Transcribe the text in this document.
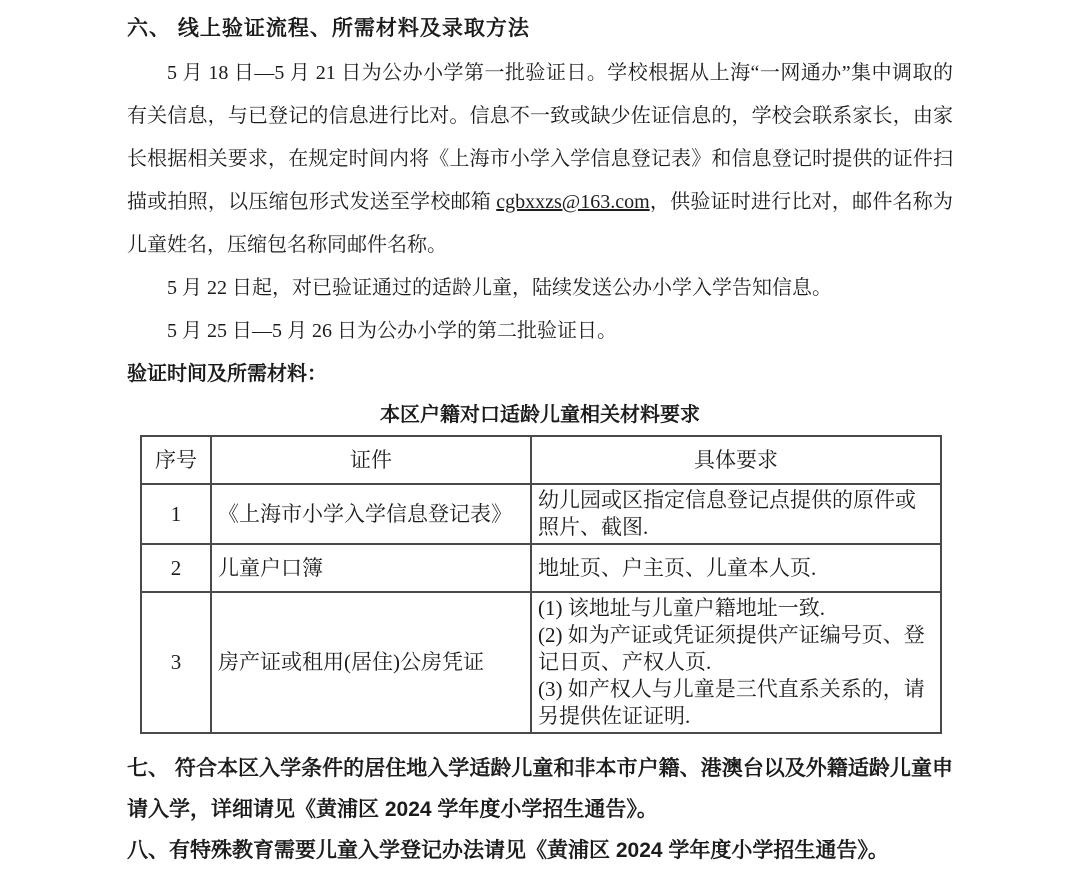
六、 线上验证流程、所需材料及录取方法

5 月 18 日—5 月 21 日为公办小学第一批验证日。学校根据从上海“一网通办”集中调取的有关信息，与已登记的信息进行比对。信息不一致或缺少佐证信息的，学校会联系家长，由家长根据相关要求，在规定时间内将《上海市小学入学信息登记表》和信息登记时提供的证件扫描或拍照，以压缩包形式发送至学校邮箱 cgbxxzs@163.com，供验证时进行比对，邮件名称为儿童姓名，压缩包名称同邮件名称。

5 月 22 日起，对已验证通过的适龄儿童，陆续发送公办小学入学告知信息。

5 月 25 日—5 月 26 日为公办小学的第二批验证日。

验证时间及所需材料：

本区户籍对口适龄儿童相关材料要求

序号	证件	具体要求
1	《上海市小学入学信息登记表》	幼儿园或区指定信息登记点提供的原件或照片、截图.
2	儿童户口簿	地址页、户主页、儿童本人页.
3	房产证或租用(居住)公房凭证	(1) 该地址与儿童户籍地址一致.
(2) 如为产证或凭证须提供产证编号页、登记日页、产权人页.
(3) 如产权人与儿童是三代直系关系的，请另提供佐证证明.

七、 符合本区入学条件的居住地入学适龄儿童和非本市户籍、港澳台以及外籍适龄儿童申请入学，详细请见《黄浦区 2024 学年度小学招生通告》。

八、有特殊教育需要儿童入学登记办法请见《黄浦区 2024 学年度小学招生通告》。
